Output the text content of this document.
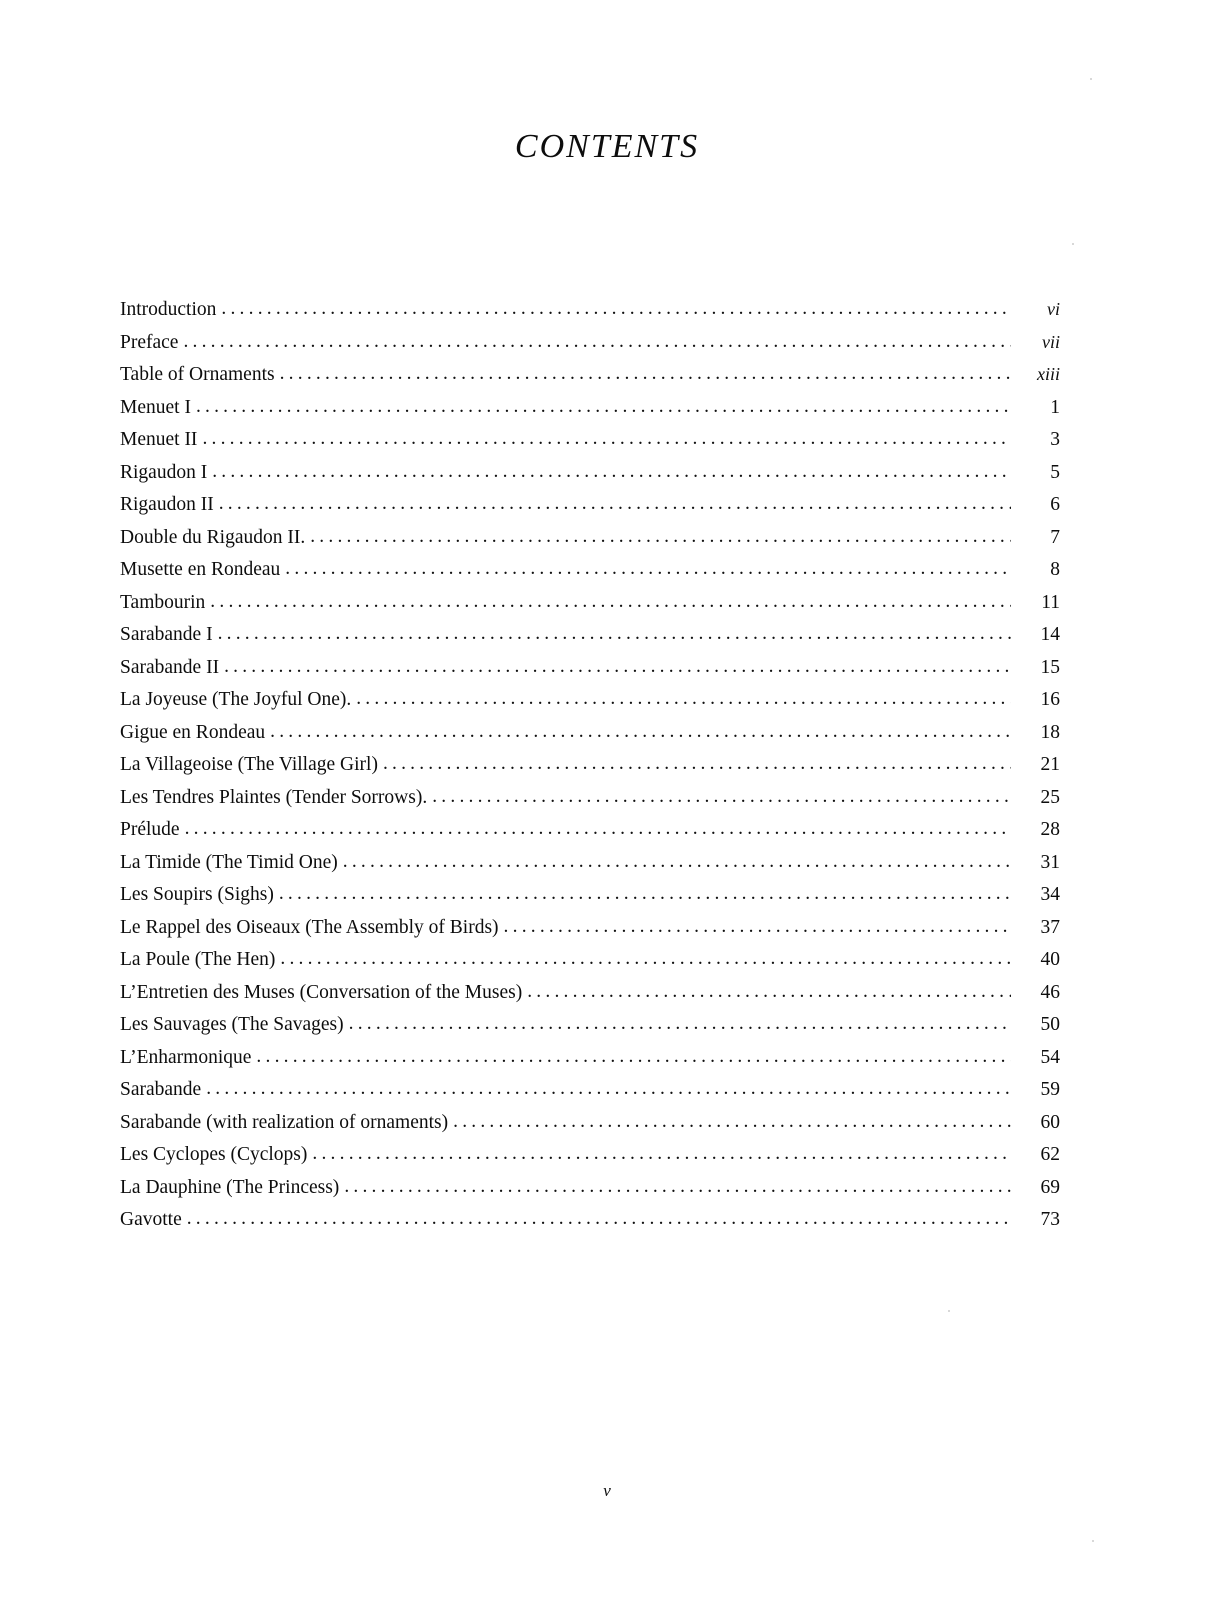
CONTENTS
Introduction .....	vi
Preface .....	vii
Table of Ornaments .....	xiii
Menuet I .....	1
Menuet II .....	3
Rigaudon I .....	5
Rigaudon II .....	6
Double du Rigaudon II. .....	7
Musette en Rondeau .....	8
Tambourin .....	11
Sarabande I .....	14
Sarabande II .....	15
La Joyeuse (The Joyful One). .....	16
Gigue en Rondeau .....	18
La Villageoise (The Village Girl) .....	21
Les Tendres Plaintes (Tender Sorrows). .....	25
Prélude .....	28
La Timide (The Timid One) .....	31
Les Soupirs (Sighs) .....	34
Le Rappel des Oiseaux (The Assembly of Birds) .....	37
La Poule (The Hen) .....	40
L’Entretien des Muses (Conversation of the Muses) .....	46
Les Sauvages (The Savages) .....	50
L’Enharmonique .....	54
Sarabande .....	59
Sarabande (with realization of ornaments) .....	60
Les Cyclopes (Cyclops) .....	62
La Dauphine (The Princess) .....	69
Gavotte .....	73
v
